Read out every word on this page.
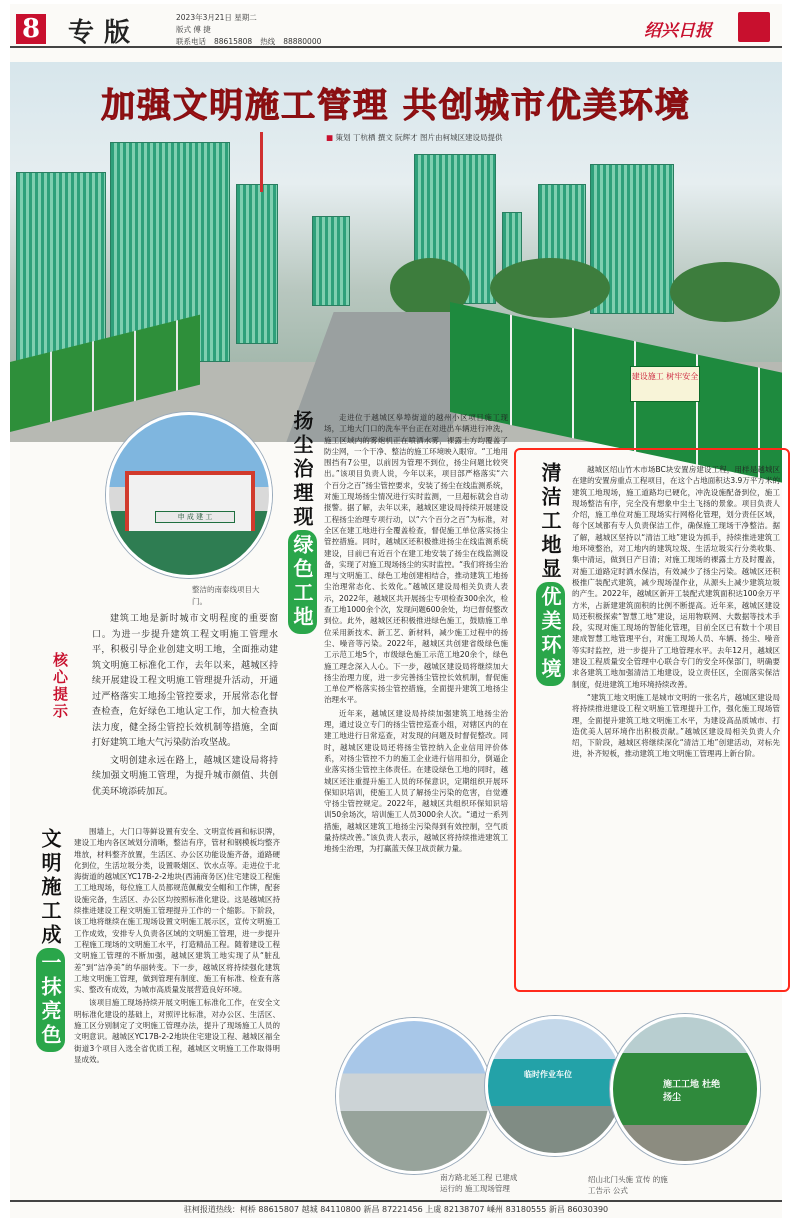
8 专版
2023年3月21日 星期二
版式 傅 捷
联系电话 88615808 热线 88880000
绍兴日报
建设施工 树牢安全
加强文明施工管理 共创城市优美环境
■ 策划 丁杭栖 撰文 阮辉才 图片由柯城区建设局提供
申 成 建 工
整洁的南泰线项目大门。
核心提示

建筑工地是新时城市文明程度的重要窗口。为进一步提升建筑工程文明施工管理水平，积极引导企业创建文明工地，全面推动建筑文明施工标准化工作，去年以来，越城区持续开展建设工程文明施工管理提升活动，开通过严格落实工地扬尘管控要求，开展常态化督查检查，危好绿色工地认定工作，加大检查执法力度，健全扬尘管控长效机制等措施，全面打好建筑工地大气污染防治攻坚战。

文明创建永远在路上，越城区建设局将持续加强文明施工管理，为提升城市颜值、共创优美环境添砖加瓦。

文明施工成一抹亮色

围墙上，大门口等鲜设置有安全、文明宣传画和标识牌，建设工地内各区域划分清晰，整洁有序，管材和钢模板均整齐堆放，材料整齐放置，生活区、办公区功能设施齐备，道路硬化到位，生活垃圾分类，设置吸烟区、饮水点等。走进位于北海街道的越城区YC17B-2-2地块(西浦商务区)住宅建设工程施工工地现场，每位施工人员都规范佩戴安全帽和工作牌，配套设施完备，生活区、办公区均按照标准化建设。这是越城区持续推进建设工程文明施工管理提升工作的一个缩影。下阶段，该工地将继续在施工现场设置文明施工展示区，宣传文明施工工作成效，安排专人负责各区域的文明施工管理，进一步提升工程施工现场的文明施工水平，打造精品工程。随着建设工程文明施工管理的不断加强，越城区建筑工地实现了从“脏乱差”到“洁净美”的华丽转变。下一步，越城区将持续强化建筑工地文明施工管理，做到管理有制度、施工有标准、检查有落实、整改有成效，为城市高质量发展营造良好环境。

该项目施工现场持续开展文明施工标准化工作，在安全文明标准化建设的基础上，对照评比标准，对办公区、生活区、施工区分别制定了文明施工管理办法，提升了现场施工人员的文明意识。越城区YC17B-2-2地块住宅建设工程、越城区福全街道3个项目入选全省优质工程，越城区文明施工工作取得明显成效。

扬尘治理现绿色工地

走进位于越城区皋埠街道的越州小区项目施工现场，工地大门口的洗车平台正在对进出车辆进行冲洗，施工区域内的雾炮机正在喷洒水雾，裸露土方均覆盖了防尘网，一个干净、整洁的施工环境映入眼帘。“工地用围挡有7公里，以前因为管理不到位，扬尘问题比较突出。”该项目负责人说，今年以来，项目部严格落实“六个百分之百”扬尘管控要求，安装了扬尘在线监测系统，对施工现场扬尘情况进行实时监测，一旦超标就会自动报警。据了解，去年以来，越城区建设局持续开展建设工程扬尘治理专项行动，以“六个百分之百”为标准，对全区在建工地进行全覆盖检查，督促施工单位落实扬尘管控措施。同时，越城区还积极推进扬尘在线监测系统建设，目前已有近百个在建工地安装了扬尘在线监测设备，实现了对施工现场扬尘的实时监控。“我们将扬尘治理与文明施工、绿色工地创建相结合，推动建筑工地扬尘治理常态化、长效化。”越城区建设局相关负责人表示，2022年，越城区共开展扬尘专项检查300余次，检查工地1000余个次，发现问题600余处，均已督促整改到位。此外，越城区还积极推进绿色施工，鼓励施工单位采用新技术、新工艺、新材料，减少施工过程中的扬尘、噪音等污染。2022年，越城区共创建省级绿色施工示范工地5个，市级绿色施工示范工地20余个，绿色施工理念深入人心。下一步，越城区建设局将继续加大扬尘治理力度，进一步完善扬尘管控长效机制，督促施工单位严格落实扬尘管控措施，全面提升建筑工地扬尘治理水平。

近年来，越城区建设局持续加强建筑工地扬尘治理，通过设立专门的扬尘管控巡查小组，对辖区内的在建工地进行日常巡查，对发现的问题及时督促整改。同时，越城区建设局还将扬尘管控纳入企业信用评价体系，对扬尘管控不力的施工企业进行信用扣分，倒逼企业落实扬尘管控主体责任。在建设绿色工地的同时，越城区还注重提升施工人员的环保意识，定期组织开展环保知识培训，使施工人员了解扬尘污染的危害，自觉遵守扬尘管控规定。2022年，越城区共组织环保知识培训50余场次，培训施工人员3000余人次。“通过一系列措施，越城区建筑工地扬尘污染得到有效控制，空气质量持续改善。”该负责人表示，越城区将持续推进建筑工地扬尘治理，为打赢蓝天保卫战贡献力量。

清洁工地显优美环境

越城区绍山竹木市场BC块安置房建设工程，用样是越城区在建的安置房重点工程项目，在这个占地面积达3.9万平方米的建筑工地现场，施工道路均已硬化，冲洗设施配备到位，施工现场整洁有序，完全没有想象中尘土飞扬的景象。项目负责人介绍，施工单位对施工现场实行网格化管理，划分责任区域，每个区域都有专人负责保洁工作，确保施工现场干净整洁。据了解，越城区坚持以“清洁工地”建设为抓手，持续推进建筑工地环境整治，对工地内的建筑垃圾、生活垃圾实行分类收集、集中清运，做到日产日清；对施工现场的裸露土方及时覆盖，对施工道路定时洒水保洁，有效减少了扬尘污染。越城区还积极推广装配式建筑，减少现场湿作业，从源头上减少建筑垃圾的产生。2022年，越城区新开工装配式建筑面积达100余万平方米，占新建建筑面积的比例不断提高。近年来，越城区建设局还积极探索“智慧工地”建设，运用物联网、大数据等技术手段，实现对施工现场的智能化管理，目前全区已有数十个项目建成智慧工地管理平台，对施工现场人员、车辆、扬尘、噪音等实时监控，进一步提升了工地管理水平。去年12月，越城区建设工程质量安全管理中心联合专门的安全环保部门，明确要求各建筑工地加强清洁工地建设，设立责任区，全面落实保洁制度，促进建筑工地环境持续改善。

“建筑工地文明施工是城市文明的一张名片，越城区建设局将持续推进建设工程文明施工管理提升工作，强化施工现场管理，全面提升建筑工地文明施工水平，为建设高品质城市、打造优美人居环境作出积极贡献。”越城区建设局相关负责人介绍，下阶段，越城区将继续深化“清洁工地”创建活动，对标先进，补齐短板，推动建筑工地文明施工管理再上新台阶。

临时作业车位
施工工地 杜绝扬尘
南方路北延工程 已建成运行的 施工现场管理
绍山北门头施 宣传 的施工告示 公式
驻柯报道热线：柯桥 88615807 越城 84110800 新昌 87221456 上虞 82138707 嵊州 83180555 新昌 86030390
